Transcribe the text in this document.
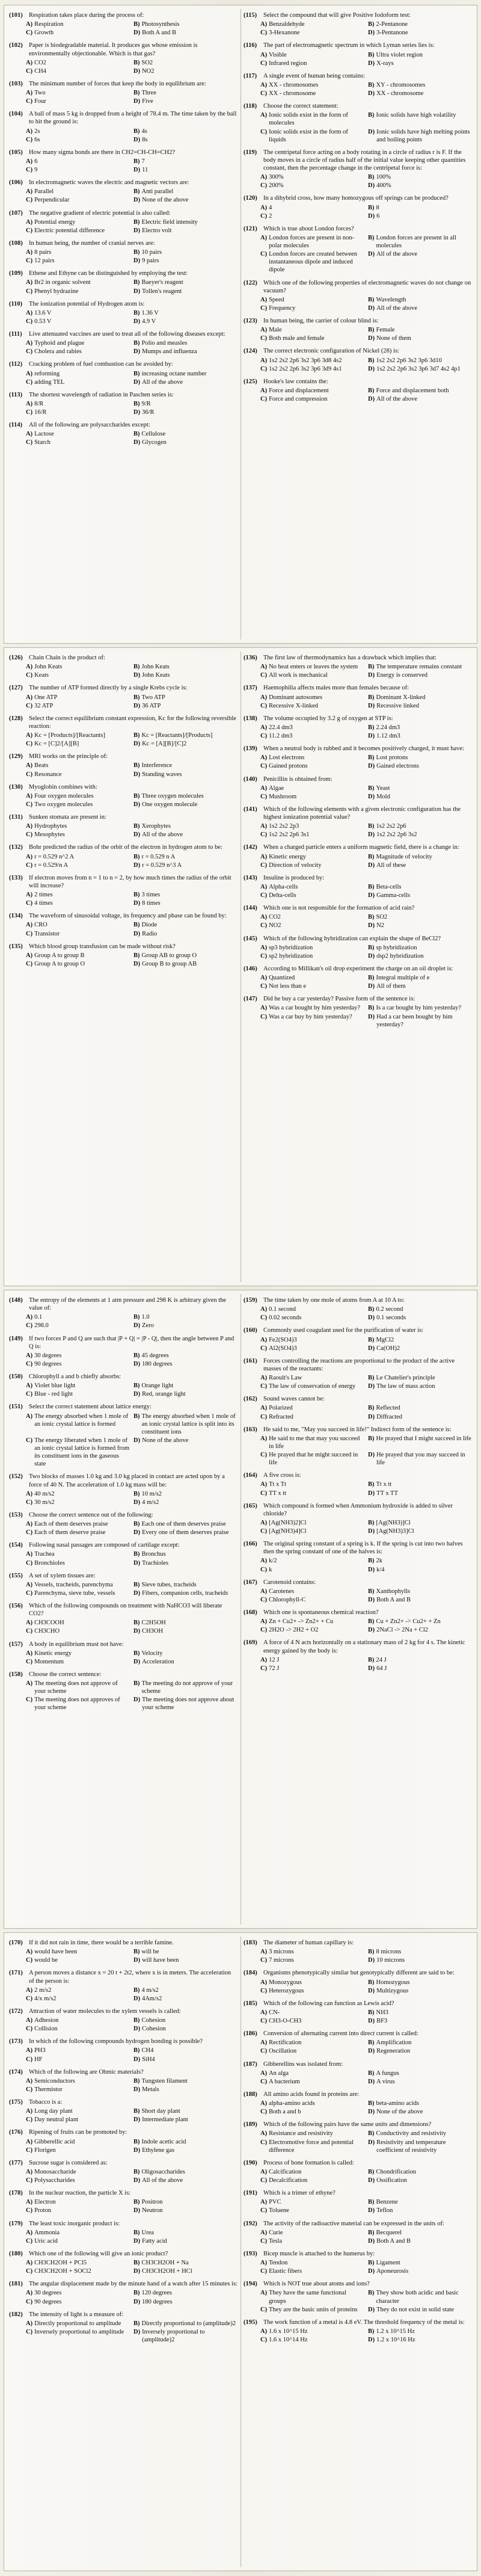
(101) Respiration takes place during the process of:
A) Respiration	B) Photosynthesis
C) Growth	D) Both A and B
(102) Paper is biodegradable material. It produces gas whose emission is environmentally objectionable. Which is that gas?
A) CO2	B) SO2
C) CH4	D) NO2
(103) The minimum number of forces that keep the body in equilibrium are:
A) Two	B) Three
C) Four	D) Five
(104) A ball of mass 5 kg is dropped from a height of 78.4 m. The time taken by the ball to hit the ground is:
A) 2s	B) 4s
C) 6s	D) 8s
(105) How many sigma bonds are there in CH2=CH-CH=CH2?
A) 6	B) 7
C) 9	D) 11
(106) In electromagnetic waves the electric and magnetic vectors are:
A) Parallel	B) Anti parallel
C) Perpendicular	D) None of the above
(107) The negative gradient of electric potential is also called:
A) Potential energy	B) Electric field intensity
C) Electric potential difference	D) Electro volt
(108) In human being, the number of cranial nerves are:
A) 8 pairs	B) 10 pairs
C) 12 pairs	D) 9 pairs
(109) Ethene and Ethyne can be distinguished by employing the test:
A) Br2 in organic solvent	B) Baeyer's reagent
C) Phenyl hydrazine	D) Tollen's reagent
(110)	The ionization potential of Hydrogen atom is:
A) 13.6 V	B) 1.36 V
C) 0.53 V	D) 4.9 V
(111)	Live attenuated vaccines are used to treat all of the following diseases except:
A) Typhoid and plague	B) Polio and measles
C) Cholera and rabies	D) Mumps and influenza
(112)	Cracking problem of fuel combustion can be avoided by:
A) reforming	B) increasing octane number
C) adding TEL	D) All of the above
(113)	The shortest wavelength of radiation in Paschen series is:
A) 8/R	B) 9/R
C) 16/R	D) 36/R
(114)	All of the following are polysaccharides except:
A) Lactose	B) Cellulose
C) Starch	D) Glycogen
(115)	Select the compound that will give Positive Iodoform test:
A) Benzaldehyde	B) 2-Pentanone
C) 3-Hexanone	D) 3-Pentanone
(116)	The part of electromagnetic spectrum in which Lyman series lies is:
A) Visible	B) Ultra violet region
C) Infrared region	D) X-rays
(117)	A single event of human being contains:
A) XX - chromosomes	B) XY - chromosomes
C) XX - chromosome	D) XX - chromosome
(118)	Choose the correct statement:
A) Ionic solids exist in the form of molecules
B) Ionic solids have high volatility
C) Ionic solids exist in the form of liquids
D) Ionic solids have high melting points and boiling points
(119)	The centripetal force acting on a body rotating in a circle of radius r is F. If the body moves in a circle of radius half of the initial value keeping other quantities constant, then the percentage change in the centripetal force is:
A) 300%	B) 100%
C) 200%	D) 400%
(120) In a dihybrid cross, how many homozygous off springs can be produced?
A) 4	B) 8
C) 2	D) 6
(121) Which is true about London forces?
A) London forces are present in non-polar molecules
B) London forces are present in all molecules
C) London forces are created between instantaneous dipole and induced dipole
D) All of the above
(122) Which one of the following properties of electromagnetic waves do not change on vacuum?
A) Speed	B) Wavelength
C) Frequency	D) All of the above
(123) In human being, the carrier of colour blind is:
A) Male	B) Female
C) Both male and female	D) None of them
(124) The correct electronic configuration of Nickel (28) is:
A) 1s2 2s2 2p6 3s2 3p6 3d8 4s2	B) 1s2 2s2 2p6 3s2 3p6 3d10
C) 1s2 2s2 2p6 3s2 3p6 3d9 4s1	D) 1s2 2s2 2p6 3s2 3p6 3d7 4s2 4p1
(125) Hooke's law contains the:
A) Force and displacement	B) Force and displacement both
C) Force and compression	D) All of the above
(126) Chain Chain is the product of:
A) John Keats	B) John Keats
C) Keats	D) John Keats
(127) The number of ATP formed directly by a single Krebs cycle is:
A) One ATP	B) Two ATP
C) 32 ATP	D) 36 ATP
(128) Select the correct equilibrium constant expression, Kc for the following reversible reaction:
A) Kc = [Products]/[Reactants]	B) Kc = [Reactants]/[Products]
C) Kc = [C]2/[A][B]	D) Kc = [A][B]/[C]2
(129) MRI works on the principle of:
A) Beats	B) Interference
C) Resonance	D) Standing waves
(130) Myoglobin combines with:
A) Four oxygen molecules	B) Three oxygen molecules
C) Two oxygen molecules	D) One oxygen molecule
(131) Sunken stomata are present in:
A) Hydrophytes	B) Xerophytes
C) Mesophytes	D) All of the above
(132) Bohr predicted the radius of the orbit of the electron in hydrogen atom to be:
A) r = 0.529 n^2 A	B) r = 0.529 n A
C) r = 0.529/n A	D) r = 0.529 n^3 A
(133) If electron moves from n = 1 to n = 2, by how much times the radius of the orbit will increase?
A) 2 times	B) 3 times
C) 4 times	D) 8 times
(134) The waveform of sinusoidal voltage, its frequency and phase can be found by:
A) CRO	B) Diode
C) Transistor	D) Radio
(135) Which blood group transfusion can be made without risk?
A) Group A to group B	B) Group AB to group O
C) Group A to group O	D) Group B to group AB
(136) The first law of thermodynamics has a drawback which implies that:
A) No heat enters or leaves the system B) The temperature remains constant
C) All work is mechanical	D) Energy is conserved
(137) Haemophilia affects males more than females because of:
A) Dominant autosomes	B) Dominant X-linked
C) Recessive X-linked	D) Recessive linked
(138) The volume occupied by 3.2 g of oxygen at STP is:
A) 22.4 dm3	B) 2.24 dm3
C) 11.2 dm3	D) 1.12 dm3
(139) When a neutral body is rubbed and it becomes positively charged, it must have:
A) Lost electrons	B) Lost protons
C) Gained protons	D) Gained electrons
(140) Penicillin is obtained from:
A) Algae	B) Yeast
C) Mushroom	D) Mold
(141) Which of the following elements with a given electronic configuration has the highest ionization potential value?
A) 1s2 2s2 2p3	B) 1s2 2s2 2p6
C) 1s2 2s2 2p6 3s1	D) 1s2 2s2 2p6 3s2
(142) When a charged particle enters a uniform magnetic field, there is a change in:
A) Kinetic energy	B) Magnitude of velocity
C) Direction of velocity	D) All of these
(143) Insuline is produced by:
A) Alpha-cells	B) Beta-cells
C) Delta-cells	D) Gamma-cells
(144) Which one is not responsible for the formation of acid rain?
A) CO2	B) SO2
C) NO2	D) N2
(145) Which of the following hybridization can explain the shape of BeCl2?
A) sp3 hybridization	B) sp hybridization
C) sp2 hybridization	D) dsp2 hybridization
(146) According to Millikan's oil drop experiment the charge on an oil droplet is:
A) Quantized	B) Integral multiple of e
C) Not less than e	D) All of them
(147) Did he buy a car yesterday? Passive form of the sentence is:
A) Was a car bought by him yesterday? B) Is a car bought by him yesterday?
C) Was a car buy by him yesterday?	D) Had a car been bought by him yesterday?
(148) The entropy of the elements at 1 atm pressure and 298 K is arbitrary given the value of:
A) 0.1	B) 1.0
C) 298.0	D) Zero
(149) If two forces P and Q are such that |P + Q| = |P - Q|, then the angle between P and Q is:
A) 30 degrees	B) 45 degrees
C) 90 degrees	D) 180 degrees
(150) Chlorophyll a and b chiefly absorbs:
A) Violet blue light	B) Orange light
C) Blue - red light	D) Red, orange light
(151) Select the correct statement about lattice energy:
A) The energy absorbed when 1 mole of an ionic crystal lattice is formed
B) The energy absorbed when 1 mole of an ionic crystal lattice is split into its constituent ions
C) The energy liberated when 1 mole of an ionic crystal lattice is formed from its constituent ions in the gaseous state
D) None of the above
(152) Two blocks of masses 1.0 kg and 3.0 kg placed in contact are acted upon by a force of 40 N. The acceleration of 1.0 kg mass will be:
A) 40 m/s2	B) 10 m/s2
C) 30 m/s2	D) 4 m/s2
(153) Choose the correct sentence out of the following:
A) Each of them deserves praise	B) Each one of them deserves praise
C) Each of them deserve praise	D) Every one of them deserves praise
(154) Following nasal passages are composed of cartilage except:
A) Trachea	B) Bronchus
C) Bronchioles	D) Trachioles
(155) A set of xylem tissues are:
A) Vessels, tracheids, parenchyma	B) Sieve tubes, tracheids
C) Parenchyma, sieve tube, vessels	D) Fibers, companion cells, tracheids
(156) Which of the following compounds on treatment with NaHCO3 will liberate CO2?
A) CH3COOH	B) C2H5OH
C) CH3CHO	D) CH3OH
(157) A body in equilibrium must not have:
A) Kinetic energy	B) Velocity
C) Momentum	D) Acceleration
(158) Choose the correct sentence:
A) The meeting does not approve of your scheme
B) The meeting do not approve of your scheme
C) The meeting does not approves of your scheme
D) The meeting does not approve about your scheme
(159) The time taken by one mole of atoms from A at 10 A to:
A) 0.1 second	B) 0.2 second
C) 0.02 seconds	D) 0.1 seconds
(160) Commonly used coagulant used for the purification of water is:
A) Fe2(SO4)3	B) MgCl2
C) Al2(SO4)3	D) Ca(OH)2
(161) Forces controlling the reactions are proportional to the product of the active masses of the reactants:
A) Raoult's Law	B) Le Chatelier's principle
C) The law of conservation of energy D) The law of mass action
(162) Sound waves cannot be:
A) Polarized	B) Reflected
C) Refracted	D) Diffracted
(163) He said to me, "May you succeed in life!" Indirect form of the sentence is:
A) He said to me that may you succeed in life
B) He prayed that I might succeed in life
C) He prayed that he might succeed in life
D) He prayed that you may succeed in life
(164) A five cross is:
A) Tt x Tt	B) Tt x tt
C) TT x tt	D) TT x TT
(165) Which compound is formed when Ammonium hydroxide is added to silver chloride?
A) [Ag(NH3)2]Cl	B) [Ag(NH3)]Cl
C) [Ag(NH3)4]Cl	D) [Ag(NH3)3]Cl
(166) The original spring constant of a spring is k. If the spring is cut into two halves then the spring constant of one of the halves is:
A) k/2	B) 2k
C) k	D) k/4
(167) Carotenoid contains:
A) Carotenes	B) Xanthophylls
C) Chlorophyll-C	D) Both A and B
(168) Which one is spontaneous chemical reaction?
A) Zn + Cu2+ -> Zn2+ + Cu	B) Cu + Zn2+ -> Cu2+ + Zn
C) 2H2O -> 2H2 + O2	D) 2NaCl -> 2Na + Cl2
(169) A force of 4 N acts horizontally on a stationary mass of 2 kg for 4 s. The kinetic energy gained by the body is:
A) 12 J	B) 24 J
C) 72 J	D) 64 J
(170) If it did not rain in time, there would be a terrible famine.
A) would have been	B) will be
C) would be	D) will have been
(171) A person moves a distance x = 20 t + 2t2, where x is in meters. The acceleration of the person is:
A) 2 m/s2	B) 4 m/s2
C) 4/x m/s2	D) 4Am/s2
(172) Attraction of water molecules to the xylem vessels is called:
A) Adhesion	B) Cohesion
C) Collision	D) Cohesion
(173) In which of the following compounds hydrogen bonding is possible?
A) PH3	B) CH4
C) HF	D) SiH4
(174) Which of the following are Ohmic materials?
A) Semiconductors	B) Tungsten filament
C) Thermistor	D) Metals
(175) Tobacco is a:
A) Long day plant	B) Short day plant
C) Day neutral plant	D) Intermediate plant
(176) Ripening of fruits can be promoted by:
A) Gibberellic acid	B) Indole acetic acid
C) Florigen	D) Ethylene gas
(177) Sucrose sugar is considered as:
A) Monosaccharide	B) Oligosaccharides
C) Polysaccharides	D) All of the above
(178) In the nuclear reaction, the particle X is:
A) Electron	B) Positron
C) Proton	D) Neutron
(179) The least toxic inorganic product is:
A) Ammonia	B) Urea
C) Uric acid	D) Fatty acid
(180) Which one of the following will give an ionic product?
A) CH3CH2OH + PCl5	B) CH3CH2OH + Na
C) CH3CH2OH + SOCl2	D) CH3CH2OH + HCl
(181) The angular displacement made by the minute hand of a watch after 15 minutes is:
A) 30 degrees	B) 120 degrees
C) 90 degrees	D) 180 degrees
(182) The intensity of light is a measure of:
A) Directly proportional to amplitude B) Directly proportional to (amplitude)2
C) Inversely proportional to amplitude D) Inversely proportional to (amplitude)2
(183) The diameter of human capillary is:
A) 3 microns	B) 8 microns
C) 7 microns	D) 10 microns
(184) Organisms phenotypically similar but genotypically different are said to be:
A) Monozygous	B) Homozygous
C) Heterozygous	D) Multizygous
(185) Which of the following can function as Lewis acid?
A) CN-	B) NH3
C) CH3-O-CH3	D) BF3
(186) Conversion of alternating current into direct current is called:
A) Rectification	B) Amplification
C) Oscillation	D) Regeneration
(187) Gibberellins was isolated from:
A) An alga	B) A fungus
C) A bacterium	D) A virus
(188) All amino acids found in proteins are:
A) alpha-amino acids	B) beta-amino acids
C) Both a and b	D) None of the above
(189) Which of the following pairs have the same units and dimensions?
A) Resistance and resistivity	B) Conductivity and resistivity
C) Electromotive force and potential difference
D) Resistivity and temperature coefficient of resistivity
(190) Process of bone formation is called:
A) Calcification	B) Chondrification
C) Decalcification	D) Ossification
(191) Which is a trimer of ethyne?
A) PVC	B) Benzene
C) Toluene	D) Teflon
(192) The activity of the radioactive material can be expressed in the units of:
A) Curie	B) Becquerel
C) Tesla	D) Both A and B
(193) Bicep muscle is attached to the humerus by:
A) Tendon	B) Ligament
C) Elastic fibers	D) Aponeurosis
(194) Which is NOT true about atoms and ions?
A) They have the same functional groups
B) They show both acidic and basic character
C) They are the basic units of proteins D) They do not exist in solid state
(195) The work function of a metal is 4.8 eV. The threshold frequency of the metal is:
A) 1.6 x 10^15 Hz	B) 1.2 x 10^15 Hz
C) 1.6 x 10^14 Hz	D) 1.2 x 10^16 Hz
